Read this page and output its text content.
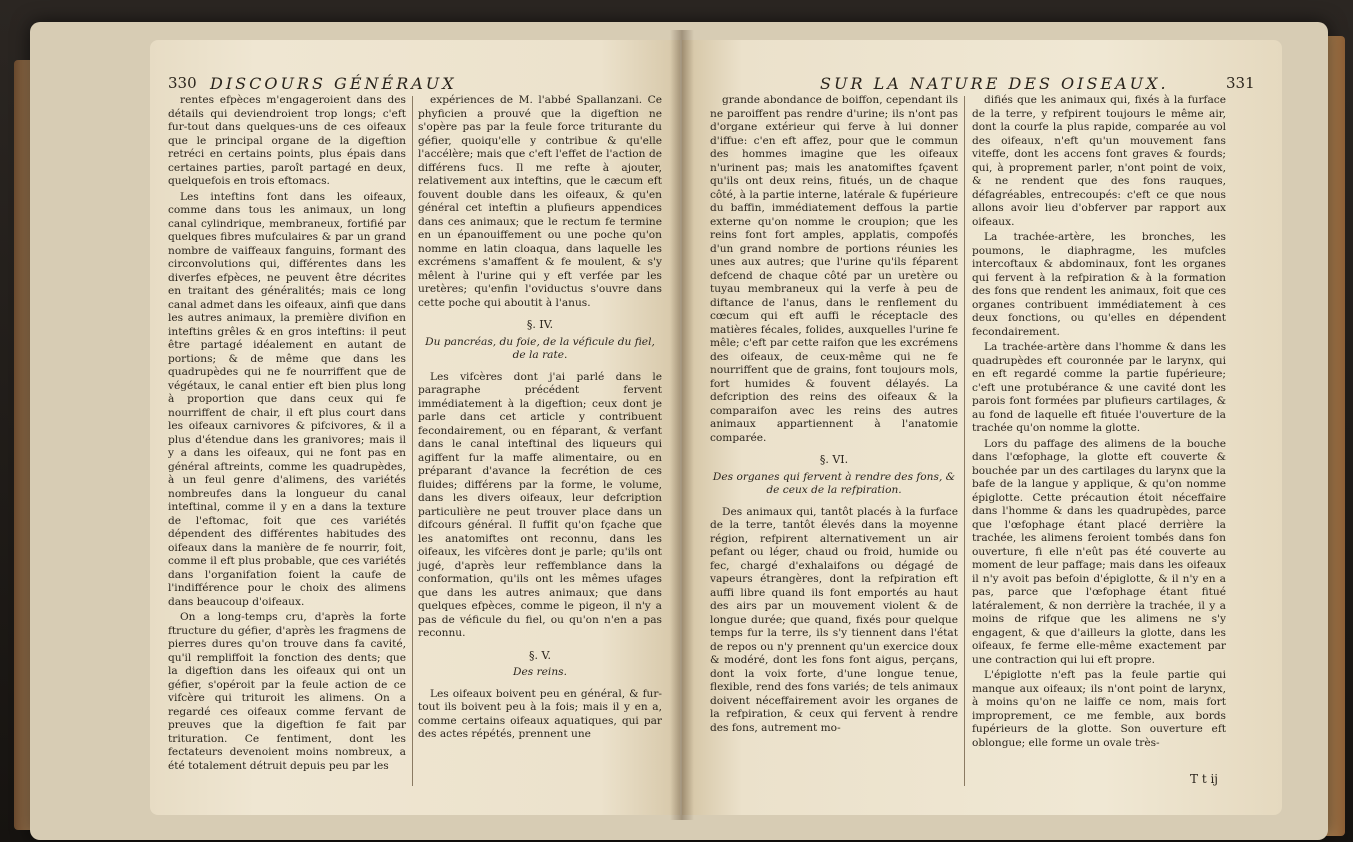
330 DISCOURS GÉNÉRAUX

rentes efpèces m'engageroient dans des détails qui deviendroient trop longs; c'eft fur-tout dans quelques-uns de ces oifeaux que le principal organe de la digeftion retréci en certains points, plus épais dans certaines parties, paroît partagé en deux, quelquefois en trois eftomacs.

Les inteftins font dans les oifeaux, comme dans tous les animaux, un long canal cylindrique, membraneux, fortifié par quelques fibres mufculaires & par un grand nombre de vaiffeaux fanguins, formant des circonvolutions qui, différentes dans les diverfes efpèces, ne peuvent être décrites en traitant des généralités; mais ce long canal admet dans les oifeaux, ainfi que dans les autres animaux, la première divifion en inteftins grêles & en gros inteftins: il peut être partagé idéalement en autant de portions; & de même que dans les quadrupèdes qui ne fe nourriffent que de végétaux, le canal entier eft bien plus long à proportion que dans ceux qui fe nourriffent de chair, il eft plus court dans les oifeaux carnivores & pifcivores, & il a plus d'étendue dans les granivores; mais il y a dans les oifeaux, qui ne font pas en général aftreints, comme les quadrupèdes, à un feul genre d'alimens, des variétés nombreufes dans la longueur du canal inteftinal, comme il y en a dans la texture de l'eftomac, foit que ces variétés dépendent des différentes habitudes des oifeaux dans la manière de fe nourrir, foit, comme il eft plus probable, que ces variétés dans l'organifation foient la caufe de l'indifférence pour le choix des alimens dans beaucoup d'oifeaux.

On a long-temps cru, d'après la forte ftructure du géfier, d'après les fragmens de pierres dures qu'on trouve dans fa cavité, qu'il rempliffoit la fonction des dents; que la digeftion dans les oifeaux qui ont un géfier, s'opéroit par la feule action de ce vifcère qui trituroit les alimens. On a regardé ces oifeaux comme fervant de preuves que la digeftion fe fait par trituration. Ce fentiment, dont les fectateurs devenoient moins nombreux, a été totalement détruit depuis peu par les

expériences de M. l'abbé Spallanzani. Ce phyficien a prouvé que la digeftion ne s'opère pas par la feule force triturante du géfier, quoiqu'elle y contribue & qu'elle l'accélère; mais que c'eft l'effet de l'action de différens fucs. Il me refte à ajouter, relativement aux inteftins, que le cæcum eft fouvent double dans les oifeaux, & qu'en général cet inteftin a plufieurs appendices dans ces animaux; que le rectum fe termine en un épanouiffement ou une poche qu'on nomme en latin cloaqua, dans laquelle les excrémens s'amaffent & fe moulent, & s'y mêlent à l'urine qui y eft verfée par les uretères; qu'enfin l'oviductus s'ouvre dans cette poche qui aboutit à l'anus.

§. IV.

Du pancréas, du foie, de la véficule du fiel, de la rate.

Les vifcères dont j'ai parlé dans le paragraphe précédent fervent immédiatement à la digeftion; ceux dont je parle dans cet article y contribuent fecondairement, ou en féparant, & verfant dans le canal inteftinal des liqueurs qui agiffent fur la maffe alimentaire, ou en préparant d'avance la fecrétion de ces fluides; différens par la forme, le volume, dans les divers oifeaux, leur defcription particulière ne peut trouver place dans un difcours général. Il fuffit qu'on fçache que les anatomiftes ont reconnu, dans les oifeaux, les vifcères dont je parle; qu'ils ont jugé, d'après leur reffemblance dans la conformation, qu'ils ont les mêmes ufages que dans les autres animaux; que dans quelques efpèces, comme le pigeon, il n'y a pas de véficule du fiel, ou qu'on n'en a pas reconnu.

§. V.

Des reins.

Les oifeaux boivent peu en général, & fur-tout ils boivent peu à la fois; mais il y en a, comme certains oifeaux aquatiques, qui par des actes répétés, prennent une

SUR LA NATURE DES OISEAUX.	331

grande abondance de boiffon, cependant ils ne paroiffent pas rendre d'urine; ils n'ont pas d'organe extérieur qui ferve à lui donner d'iffue: c'en eft affez, pour que le commun des hommes imagine que les oifeaux n'urinent pas; mais les anatomiftes fçavent qu'ils ont deux reins, fitués, un de chaque côté, à la partie interne, latérale & fupérieure du baffin, immédiatement deffous la partie externe qu'on nomme le croupion; que les reins font fort amples, applatis, compofés d'un grand nombre de portions réunies les unes aux autres; que l'urine qu'ils féparent defcend de chaque côté par un uretère ou tuyau membraneux qui la verfe à peu de diftance de l'anus, dans le renflement du cœcum qui eft auffi le réceptacle des matières fécales, folides, auxquelles l'urine fe mêle; c'eft par cette raifon que les excrémens des oifeaux, de ceux-même qui ne fe nourriffent que de grains, font toujours mols, fort humides & fouvent délayés. La defcription des reins des oifeaux & la comparaifon avec les reins des autres animaux appartiennent à l'anatomie comparée.

§. VI.

Des organes qui fervent à rendre des fons, & de ceux de la refpiration.

Des animaux qui, tantôt placés à la furface de la terre, tantôt élevés dans la moyenne région, refpirent alternativement un air pefant ou léger, chaud ou froid, humide ou fec, chargé d'exhalaifons ou dégagé de vapeurs étrangères, dont la refpiration eft auffi libre quand ils font emportés au haut des airs par un mouvement violent & de longue durée; que quand, fixés pour quelque temps fur la terre, ils s'y tiennent dans l'état de repos ou n'y prennent qu'un exercice doux & modéré, dont les fons font aigus, perçans, dont la voix forte, d'une longue tenue, flexible, rend des fons variés; de tels animaux doivent néceffairement avoir les organes de la refpiration, & ceux qui fervent à rendre des fons, autrement mo-

difiés que les animaux qui, fixés à la furface de la terre, y refpirent toujours le même air, dont la courfe la plus rapide, comparée au vol des oifeaux, n'eft qu'un mouvement fans viteffe, dont les accens font graves & fourds; qui, à proprement parler, n'ont point de voix, & ne rendent que des fons rauques, défagréables, entrecoupés: c'eft ce que nous allons avoir lieu d'obferver par rapport aux oifeaux.

La trachée-artère, les bronches, les poumons, le diaphragme, les mufcles intercoftaux & abdominaux, font les organes qui fervent à la refpiration & à la formation des fons que rendent les animaux, foit que ces organes contribuent immédiatement à ces deux fonctions, ou qu'elles en dépendent fecondairement.

La trachée-artère dans l'homme & dans les quadrupèdes eft couronnée par le larynx, qui en eft regardé comme la partie fupérieure; c'eft une protubérance & une cavité dont les parois font formées par plufieurs cartilages, & au fond de laquelle eft fituée l'ouverture de la trachée qu'on nomme la glotte.

Lors du paffage des alimens de la bouche dans l'œfophage, la glotte eft couverte & bouchée par un des cartilages du larynx que la bafe de la langue y applique, & qu'on nomme épiglotte. Cette précaution étoit néceffaire dans l'homme & dans les quadrupèdes, parce que l'œfophage étant placé derrière la trachée, les alimens feroient tombés dans fon ouverture, fi elle n'eût pas été couverte au moment de leur paffage; mais dans les oifeaux il n'y avoit pas befoin d'épiglotte, & il n'y en a pas, parce que l'œfophage étant fitué latéralement, & non derrière la trachée, il y a moins de rifque que les alimens ne s'y engagent, & que d'ailleurs la glotte, dans les oifeaux, fe ferme elle-même exactement par une contraction qui lui eft propre.

L'épiglotte n'eft pas la feule partie qui manque aux oifeaux; ils n'ont point de larynx, à moins qu'on ne laiffe ce nom, mais fort improprement, ce me femble, aux bords fupérieurs de la glotte. Son ouverture eft oblongue; elle forme un ovale très-

T t ij
